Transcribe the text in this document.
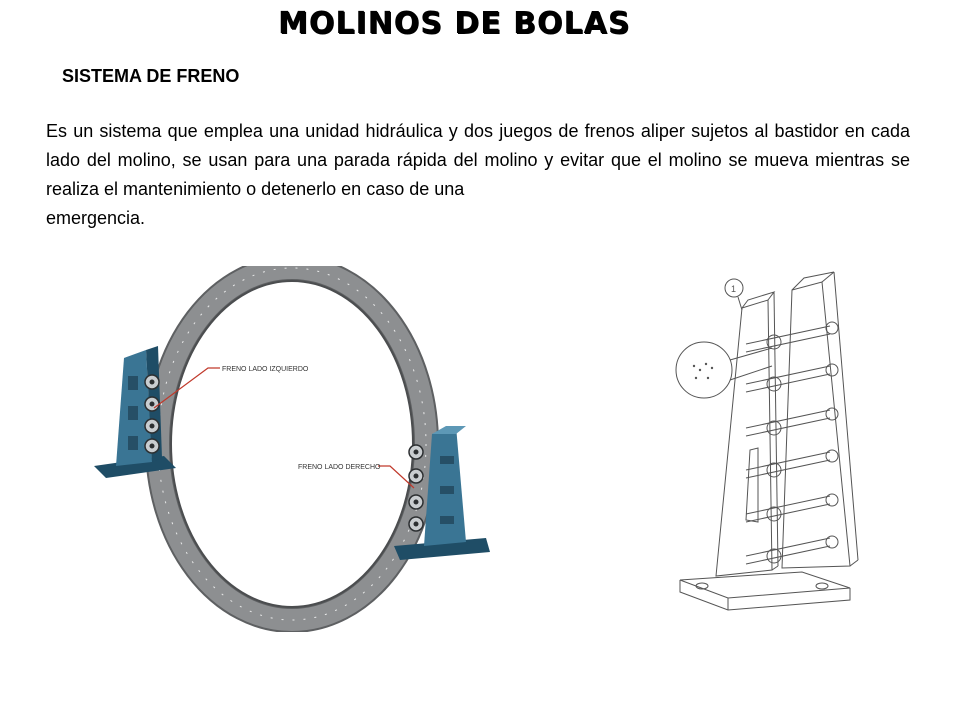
MOLINOS DE BOLAS
SISTEMA DE FRENO
Es un sistema que emplea una unidad hidráulica y dos juegos de frenos aliper sujetos al bastidor en cada lado del molino, se usan para una parada rápida del molino y evitar que el molino se mueva mientras se realiza el mantenimiento o detenerlo en caso de una
emergencia.
FRENO LADO IZQUIERDO
FRENO LADO DERECHO
1
